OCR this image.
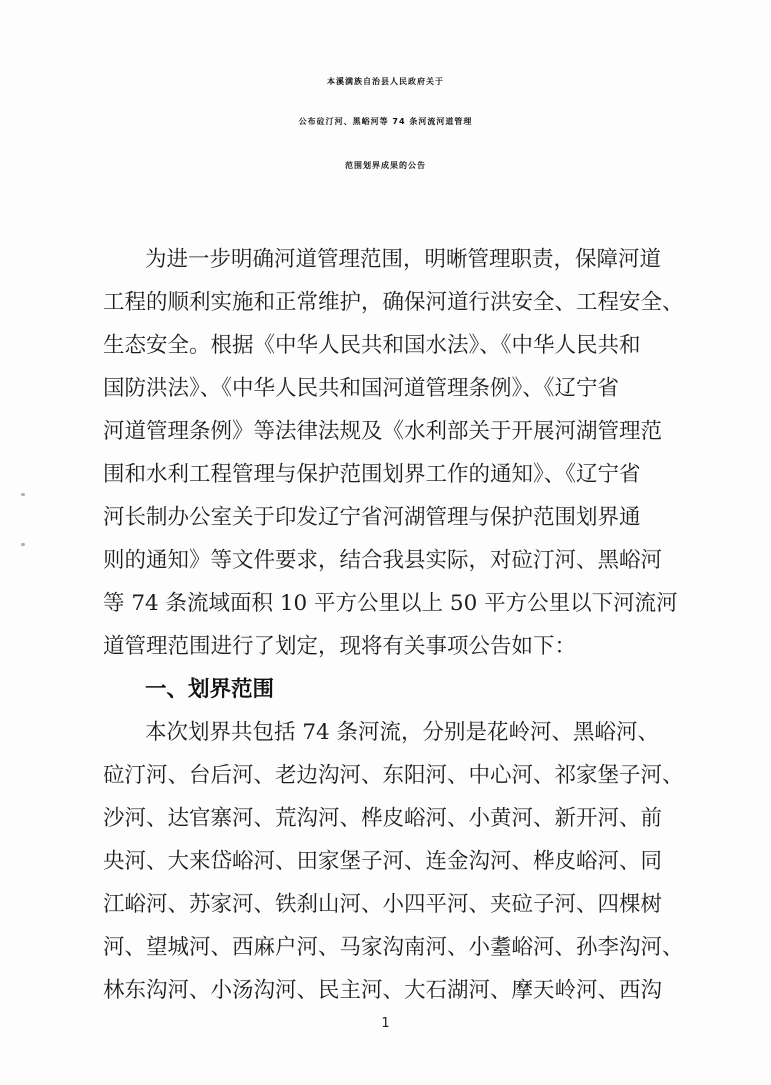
本溪满族自治县人民政府关于
公布砬汀河、黑峪河等 74 条河流河道管理
范围划界成果的公告
为进一步明确河道管理范围，明晰管理职责，保障河道
工程的顺利实施和正常维护，确保河道行洪安全、工程安全、
生态安全。根据《中华人民共和国水法》、《中华人民共和
国防洪法》、《中华人民共和国河道管理条例》、《辽宁省
河道管理条例》等法律法规及《水利部关于开展河湖管理范
围和水利工程管理与保护范围划界工作的通知》、《辽宁省
河长制办公室关于印发辽宁省河湖管理与保护范围划界通
则的通知》等文件要求，结合我县实际，对砬汀河、黑峪河
等 74 条流域面积 10 平方公里以上 50 平方公里以下河流河
道管理范围进行了划定，现将有关事项公告如下：
一、划界范围
本次划界共包括 74 条河流，分别是花岭河、黑峪河、
砬汀河、台后河、老边沟河、东阳河、中心河、祁家堡子河、
沙河、达官寨河、荒沟河、桦皮峪河、小黄河、新开河、前
央河、大来岱峪河、田家堡子河、连金沟河、桦皮峪河、同
江峪河、苏家河、铁刹山河、小四平河、夹砬子河、四棵树
河、望城河、西麻户河、马家沟南河、小耋峪河、孙李沟河、
林东沟河、小汤沟河、民主河、大石湖河、摩天岭河、西沟
1
